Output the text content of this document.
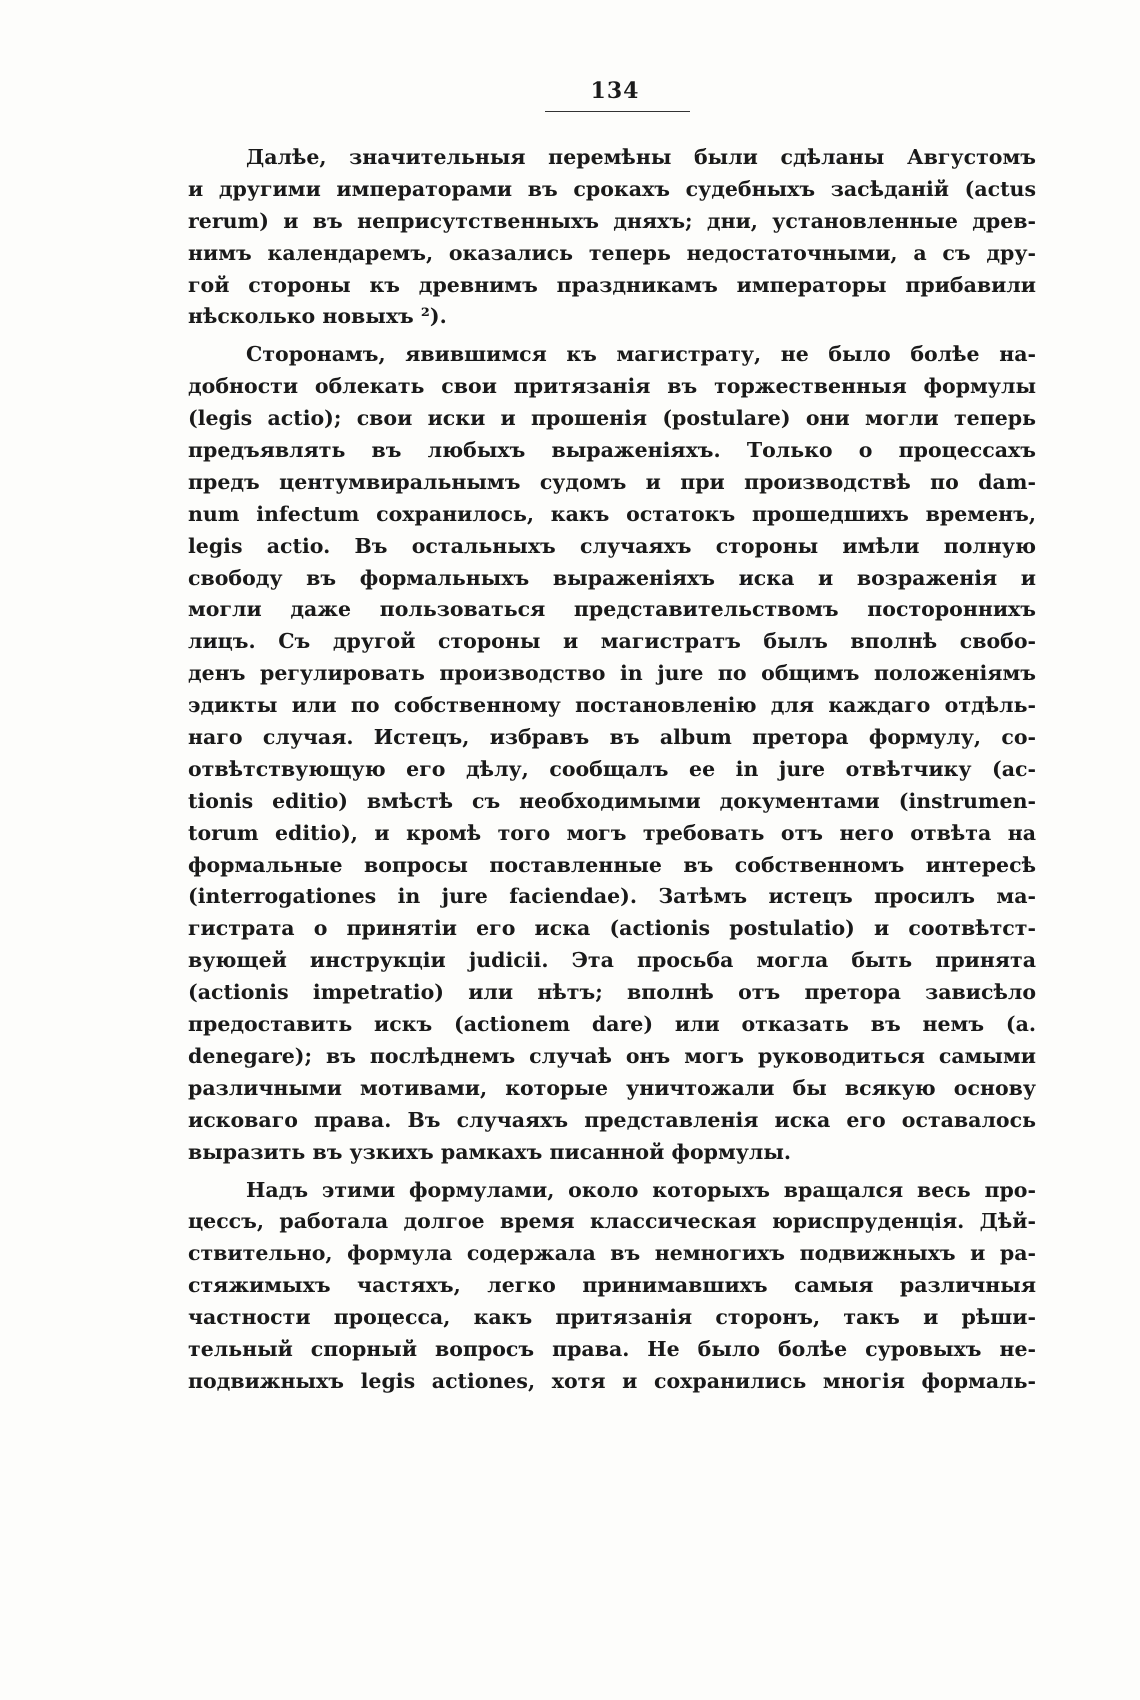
134
Далѣе, значительныя перемѣны были сдѣланы Августомъ
и другими императорами въ срокахъ судебныхъ засѣданій (actus
rerum) и въ неприсутственныхъ дняхъ; дни, установленные древ-
нимъ календаремъ, оказались теперь недостаточными, а съ дру-
гой стороны къ древнимъ праздникамъ императоры прибавили
нѣсколько новыхъ ²).
Сторонамъ, явившимся къ магистрату, не было болѣе на-
добности облекать свои притязанія въ торжественныя формулы
(legis actio); свои иски и прошенія (postulare) они могли теперь
предъявлять въ любыхъ выраженіяхъ. Только о процессахъ
предъ центумвиральнымъ судомъ и при производствѣ по dam-
num infectum сохранилось, какъ остатокъ прошедшихъ временъ,
legis actio. Въ остальныхъ случаяхъ стороны имѣли полную
свободу въ формальныхъ выраженіяхъ иска и возраженія и
могли даже пользоваться представительствомъ постороннихъ
лицъ. Съ другой стороны и магистратъ былъ вполнѣ свобо-
денъ регулировать производство in jure по общимъ положеніямъ
эдикты или по собственному постановленію для каждаго отдѣль-
наго случая. Истецъ, избравъ въ album претора формулу, со-
отвѣтствующую его дѣлу, сообщалъ ее in jure отвѣтчику (ac-
tionis editio) вмѣстѣ съ необходимыми документами (instrumen-
torum editio), и кромѣ того могъ требовать отъ него отвѣта на
формальные вопросы поставленные въ собственномъ интересѣ
(interrogationes in jure faciendae). Затѣмъ истецъ просилъ ма-
гистрата о принятіи его иска (actionis postulatio) и соотвѣтст-
вующей инструкціи judicii. Эта просьба могла быть принята
(actionis impetratio) или нѣтъ; вполнѣ отъ претора зависѣло
предоставить искъ (actionem dare) или отказать въ немъ (a.
denegare); въ послѣднемъ случаѣ онъ могъ руководиться самыми
различными мотивами, которые уничтожали бы всякую основу
исковаго права. Въ случаяхъ представленія иска его оставалось
выразить въ узкихъ рамкахъ писанной формулы.
Надъ этими формулами, около которыхъ вращался весь про-
цессъ, работала долгое время классическая юриспруденція. Дѣй-
ствительно, формула содержала въ немногихъ подвижныхъ и ра-
стяжимыхъ частяхъ, легко принимавшихъ самыя различныя
частности процесса, какъ притязанія сторонъ, такъ и рѣши-
тельный спорный вопросъ права. Не было болѣе суровыхъ не-
подвижныхъ legis actiones, хотя и сохранились многія формаль-
